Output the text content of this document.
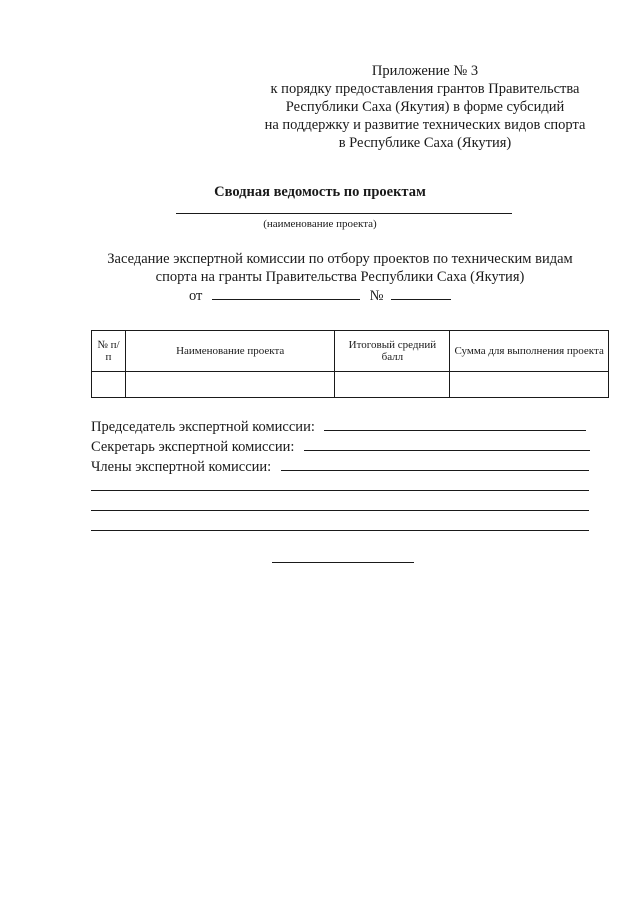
Приложение № 3
к порядку предоставления грантов Правительства
Республики Саха (Якутия) в форме субсидий
на поддержку и развитие технических видов спорта
в Республике Саха (Якутия)
Сводная ведомость по проектам
(наименование проекта)
Заседание экспертной комиссии по отбору проектов по техническим видам
спорта на гранты Правительства Республики Саха (Якутия)
от	№
№ п/п	Наименование проекта	Итоговый средний балл	Сумма для выполнения проекта

Председатель экспертной комиссии:
Секретарь экспертной комиссии:
Члены экспертной комиссии:
